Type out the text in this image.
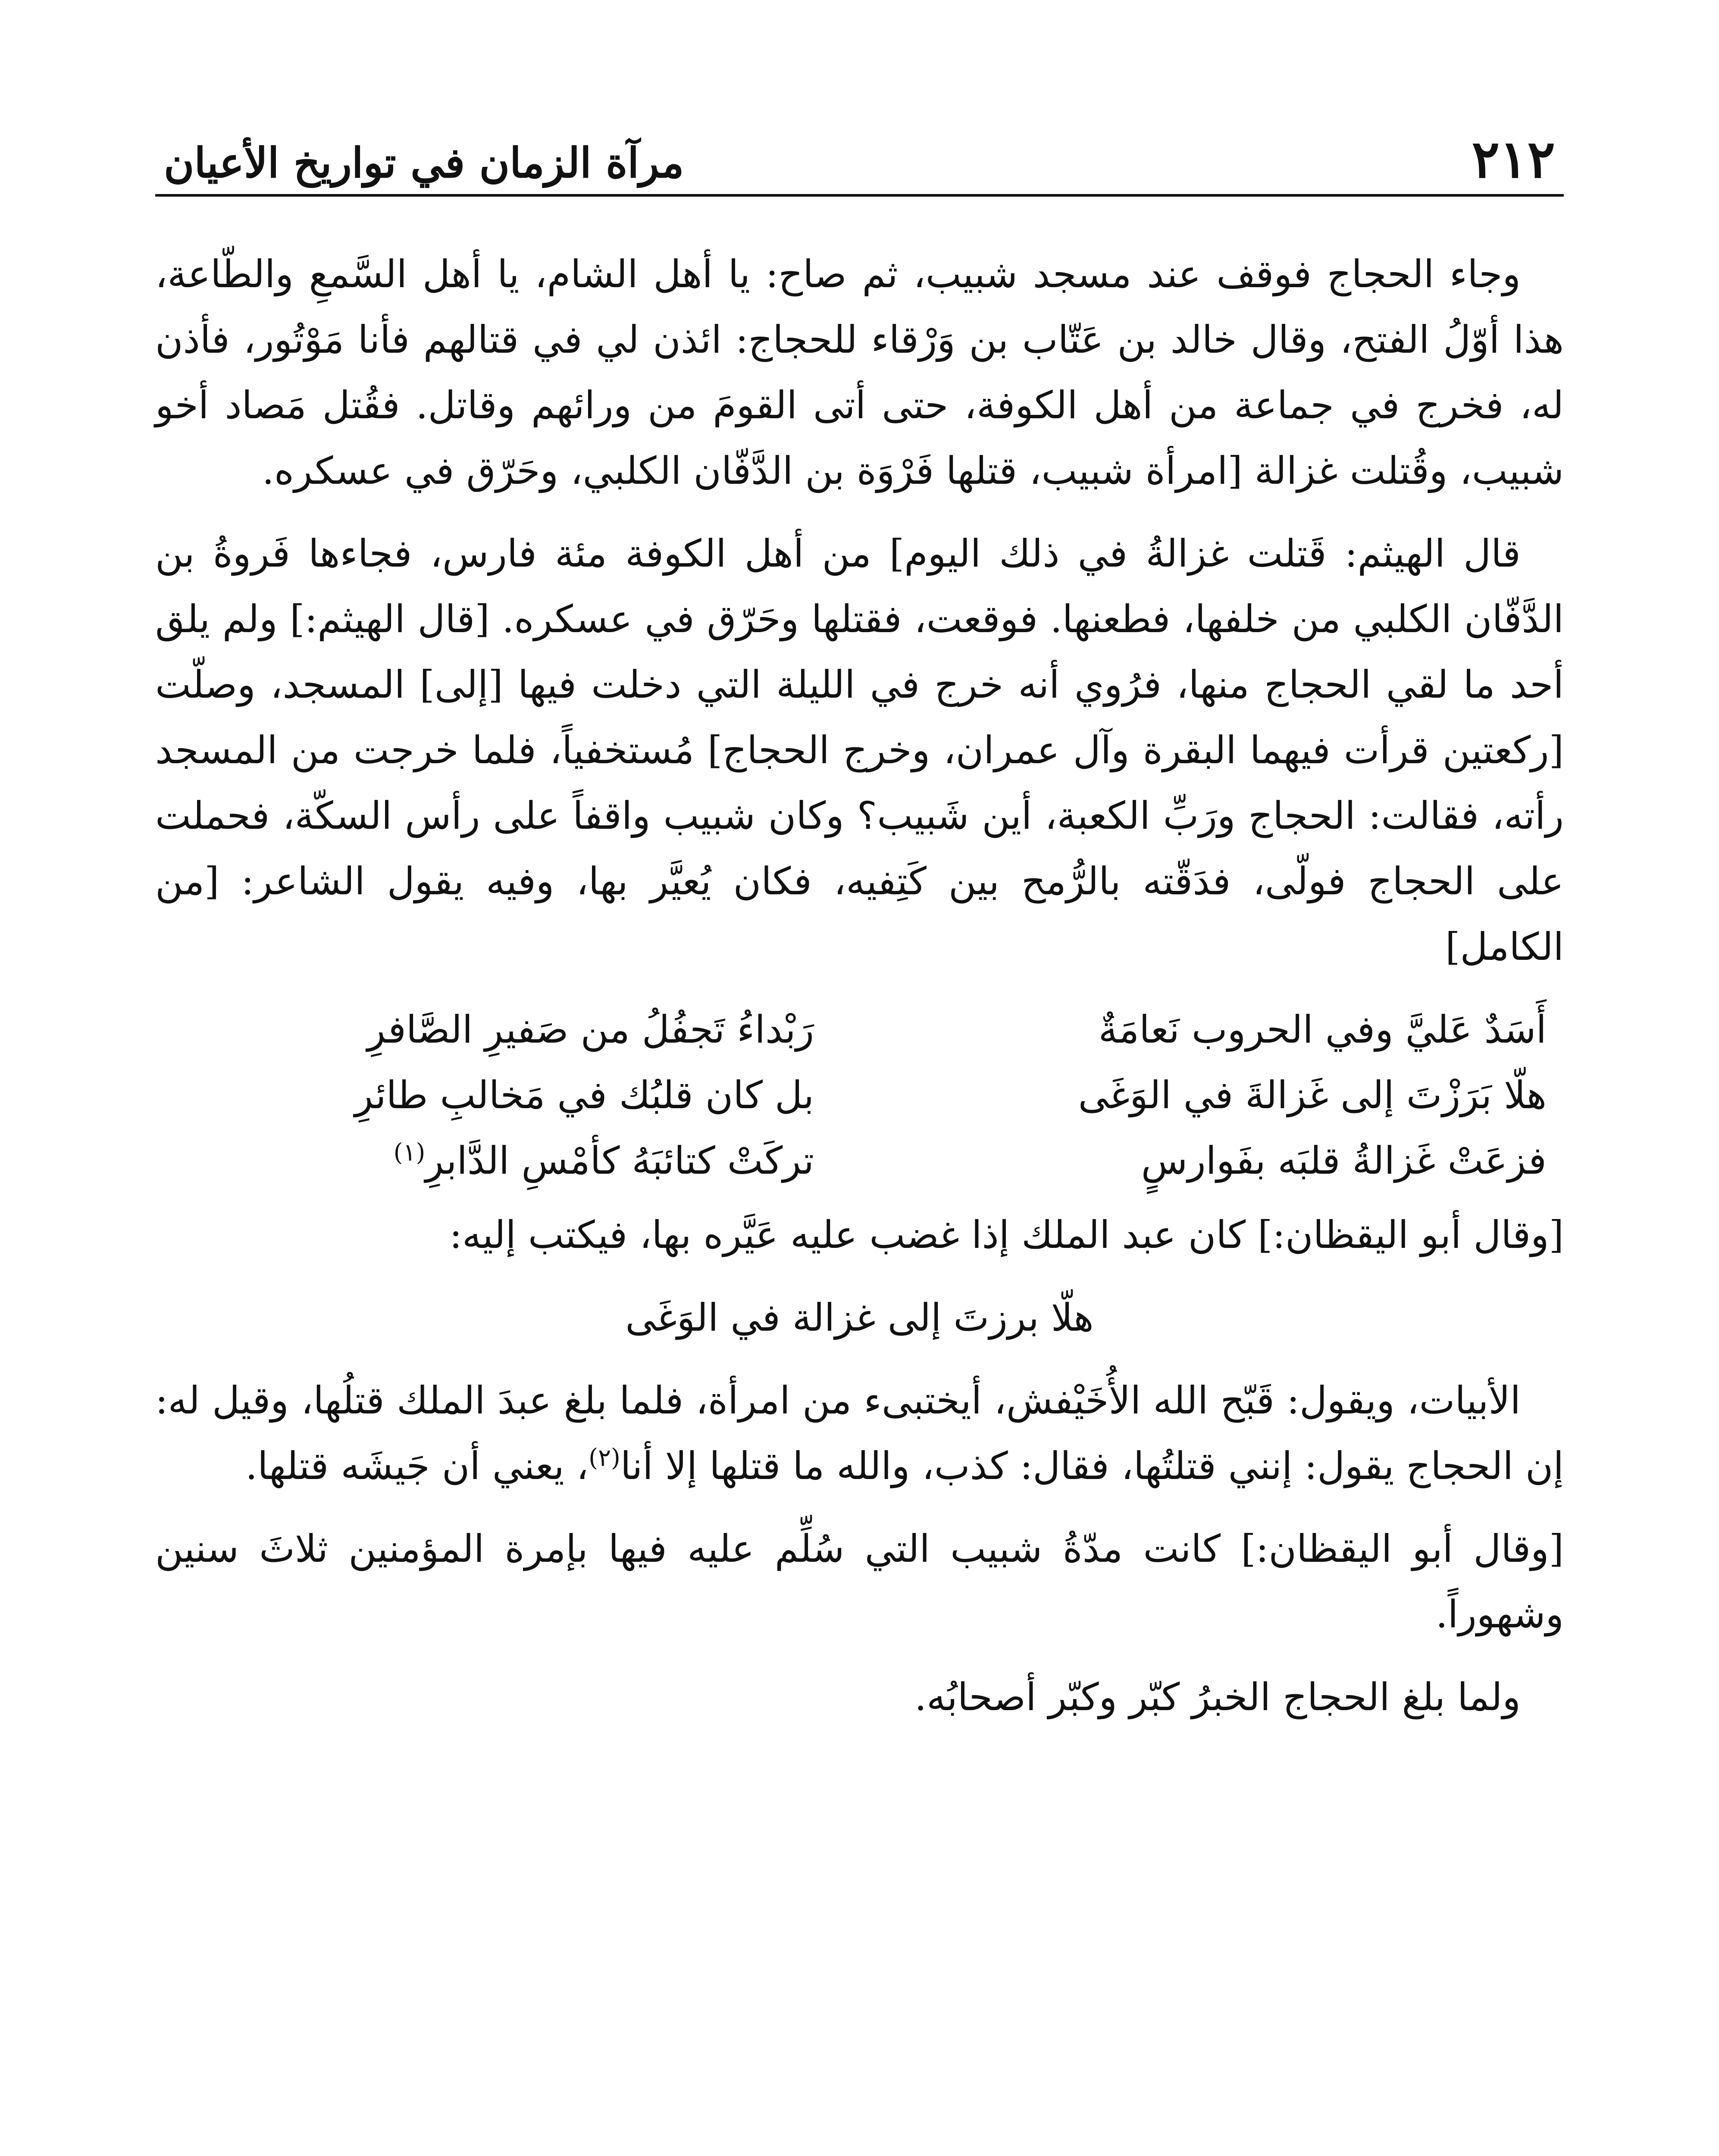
٢١٢
مرآة الزمان في تواريخ الأعيان

وجاء الحجاج فوقف عند مسجد شبيب، ثم صاح: يا أهل الشام، يا أهل السَّمعِ والطّاعة، هذا أوّلُ الفتح، وقال خالد بن عَتّاب بن وَرْقاء للحجاج: ائذن لي في قتالهم فأنا مَوْتُور، فأذن له، فخرج في جماعة من أهل الكوفة، حتى أتى القومَ من ورائهم وقاتل. فقُتل مَصاد أخو شبيب، وقُتلت غزالة [امرأة شبيب، قتلها فَرْوَة بن الدَّفّان الكلبي، وحَرّق في عسكره.

قال الهيثم: قَتلت غزالةُ في ذلك اليوم] من أهل الكوفة مئة فارس، فجاءها فَروةُ بن الدَّفّان الكلبي من خلفها، فطعنها. فوقعت، فقتلها وحَرّق في عسكره. [قال الهيثم:] ولم يلق أحد ما لقي الحجاج منها، فرُوي أنه خرج في الليلة التي دخلت فيها [إلى] المسجد، وصلّت [ركعتين قرأت فيهما البقرة وآل عمران، وخرج الحجاج] مُستخفياً، فلما خرجت من المسجد رأته، فقالت: الحجاج ورَبِّ الكعبة، أين شَبيب؟ وكان شبيب واقفاً على رأس السكّة، فحملت على الحجاج فولّى، فدَقّته بالرُّمح بين كَتِفيه، فكان يُعيَّر بها، وفيه يقول الشاعر: [من الكامل]

أَسَدٌ عَليَّ وفي الحروب نَعامَةٌ
رَبْداءُ تَجفُلُ من صَفيرِ الصَّافرِ
هلّا بَرَزْتَ إلى غَزالةَ في الوَغَى
بل كان قلبُك في مَخالبِ طائرِ
فزعَتْ غَزالةُ قلبَه بفَوارسٍ
تركَتْ كتائبَهُ كأمْسِ الدَّابرِ$^{(١)}$

[وقال أبو اليقظان:] كان عبد الملك إذا غضب عليه عَيَّره بها، فيكتب إليه:

هلّا برزتَ إلى غزالة في الوَغَى

الأبيات، ويقول: قَبّح الله الأُخَيْفش، أيختبىء من امرأة، فلما بلغ عبدَ الملك قتلُها، وقيل له: إن الحجاج يقول: إنني قتلتُها، فقال: كذب، والله ما قتلها إلا أنا$^{(٢)}$، يعني أن جَيشَه قتلها.

[وقال أبو اليقظان:] كانت مدّةُ شبيب التي سُلِّم عليه فيها بإمرة المؤمنين ثلاثَ سنين وشهوراً.

ولما بلغ الحجاج الخبرُ كبّر وكبّر أصحابُه.
